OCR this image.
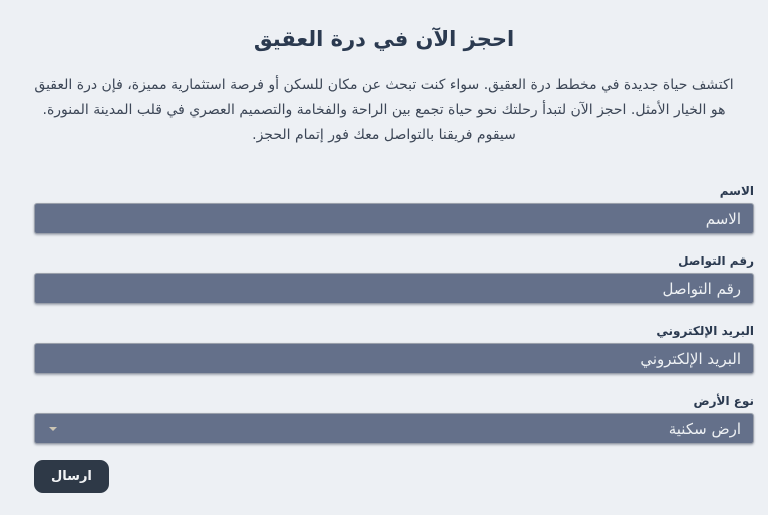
احجز الآن في درة العقيق

اكتشف حياة جديدة في مخطط درة العقيق. سواء كنت تبحث عن مكان للسكن أو فرصة استثمارية مميزة، فإن درة العقيق هو الخيار الأمثل. احجز الآن لتبدأ رحلتك نحو حياة تجمع بين الراحة والفخامة والتصميم العصري في قلب المدينة المنورة.
سيقوم فريقنا بالتواصل معك فور إتمام الحجز.

الاسم
الاسم
رقم التواصل
رقم التواصل
البريد الإلكتروني
البريد الإلكتروني
نوع الأرض
ارض سكنية
ارسال
